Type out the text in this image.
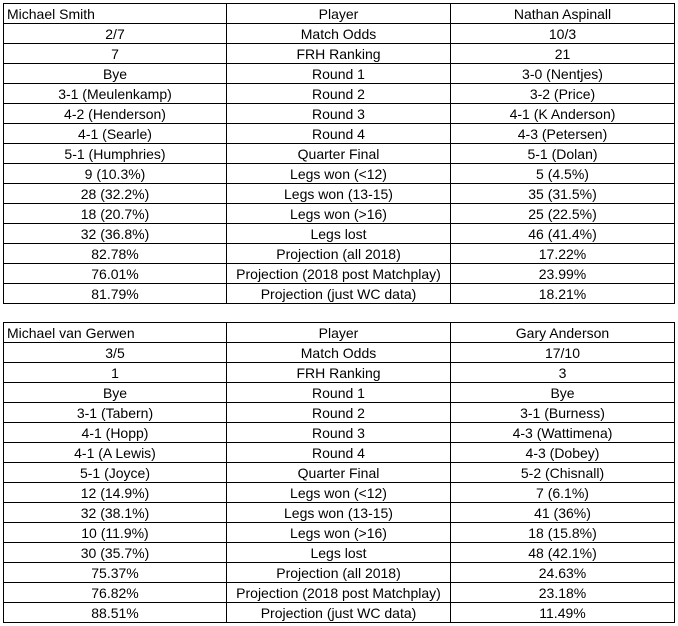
Michael Smith	Player	Nathan Aspinall
2/7	Match Odds	10/3
7	FRH Ranking	21
Bye	Round 1	3-0 (Nentjes)
3-1 (Meulenkamp)	Round 2	3-2 (Price)
4-2 (Henderson)	Round 3	4-1 (K Anderson)
4-1 (Searle)	Round 4	4-3 (Petersen)
5-1 (Humphries)	Quarter Final	5-1 (Dolan)
9 (10.3%)	Legs won (<12)	5 (4.5%)
28 (32.2%)	Legs won (13-15)	35 (31.5%)
18 (20.7%)	Legs won (>16)	25 (22.5%)
32 (36.8%)	Legs lost	46 (41.4%)
82.78%	Projection (all 2018)	17.22%
76.01%	Projection (2018 post Matchplay)	23.99%
81.79%	Projection (just WC data)	18.21%
Michael van Gerwen	Player	Gary Anderson
3/5	Match Odds	17/10
1	FRH Ranking	3
Bye	Round 1	Bye
3-1 (Tabern)	Round 2	3-1 (Burness)
4-1 (Hopp)	Round 3	4-3 (Wattimena)
4-1 (A Lewis)	Round 4	4-3 (Dobey)
5-1 (Joyce)	Quarter Final	5-2 (Chisnall)
12 (14.9%)	Legs won (<12)	7 (6.1%)
32 (38.1%)	Legs won (13-15)	41 (36%)
10 (11.9%)	Legs won (>16)	18 (15.8%)
30 (35.7%)	Legs lost	48 (42.1%)
75.37%	Projection (all 2018)	24.63%
76.82%	Projection (2018 post Matchplay)	23.18%
88.51%	Projection (just WC data)	11.49%
